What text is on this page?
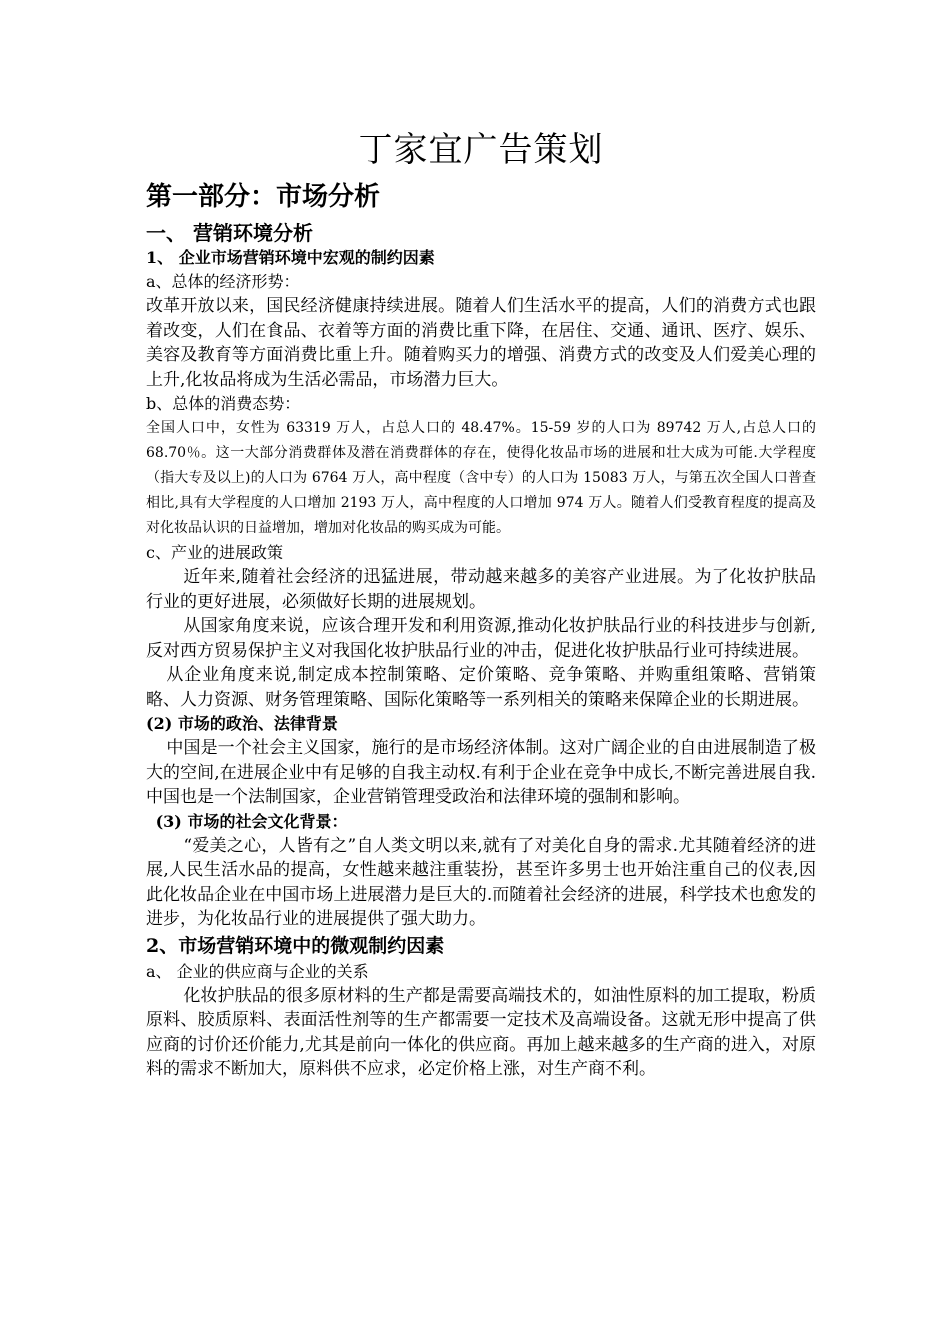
丁家宜广告策划
第一部分：市场分析
一、 营销环境分析
1、 企业市场营销环境中宏观的制约因素

a、总体的经济形势：

改革开放以来，国民经济健康持续进展。随着人们生活水平的提高，人们的消费方式也跟着改变，人们在食品、衣着等方面的消费比重下降，在居住、交通、通讯、医疗、娱乐、美容及教育等方面消费比重上升。随着购买力的增强、消费方式的改变及人们爱美心理的上升,化妆品将成为生活必需品，市场潜力巨大。

b、总体的消费态势：

全国人口中，女性为 63319 万人，占总人口的 48.47%。15-59 岁的人口为 89742 万人,占总人口的 68.70％。这一大部分消费群体及潜在消费群体的存在，使得化妆品市场的进展和壮大成为可能.大学程度（指大专及以上)的人口为 6764 万人，高中程度（含中专）的人口为 15083 万人，与第五次全国人口普查相比,具有大学程度的人口增加 2193 万人，高中程度的人口增加 974 万人。随着人们受教育程度的提高及对化妆品认识的日益增加，增加对化妆品的购买成为可能。

c、产业的进展政策

近年来,随着社会经济的迅猛进展，带动越来越多的美容产业进展。为了化妆护肤品行业的更好进展，必须做好长期的进展规划。

从国家角度来说，应该合理开发和利用资源,推动化妆护肤品行业的科技进步与创新,反对西方贸易保护主义对我国化妆护肤品行业的冲击，促进化妆护肤品行业可持续进展。

从企业角度来说,制定成本控制策略、定价策略、竞争策略、并购重组策略、营销策略、人力资源、财务管理策略、国际化策略等一系列相关的策略来保障企业的长期进展。

(2) 市场的政治、法律背景

中国是一个社会主义国家，施行的是市场经济体制。这对广阔企业的自由进展制造了极大的空间,在进展企业中有足够的自我主动权.有利于企业在竞争中成长,不断完善进展自我.中国也是一个法制国家，企业营销管理受政治和法律环境的强制和影响。

(3) 市场的社会文化背景：

“爱美之心，人皆有之”自人类文明以来,就有了对美化自身的需求.尤其随着经济的进展,人民生活水品的提高，女性越来越注重装扮，甚至许多男士也开始注重自己的仪表,因此化妆品企业在中国市场上进展潜力是巨大的.而随着社会经济的进展，科学技术也愈发的进步，为化妆品行业的进展提供了强大助力。

2、市场营销环境中的微观制约因素

a、 企业的供应商与企业的关系

化妆护肤品的很多原材料的生产都是需要高端技术的，如油性原料的加工提取，粉质原料、胶质原料、表面活性剂等的生产都需要一定技术及高端设备。这就无形中提高了供应商的讨价还价能力,尤其是前向一体化的供应商。再加上越来越多的生产商的进入，对原料的需求不断加大，原料供不应求，必定价格上涨，对生产商不利。
